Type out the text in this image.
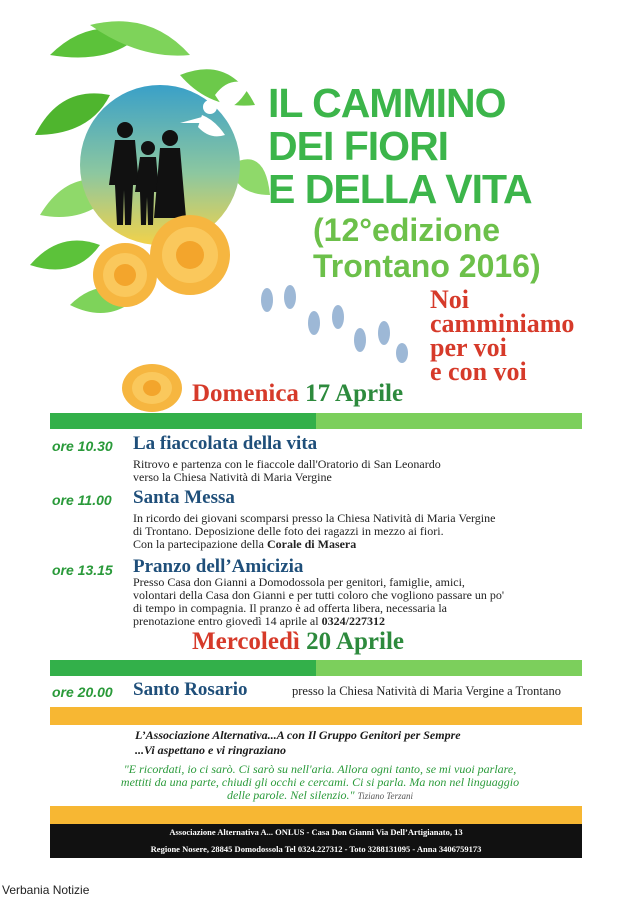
IL CAMMINO
DEI FIORI
E DELLA VITA
(12°edizione
Trontano 2016)
Noi
camminiamo
per voi
e con voi
Domenica 17 Aprile
ore 10.30 La fiaccolata della vita
Ritrovo e partenza con le fiaccole dall'Oratorio di San Leonardo
verso la Chiesa Natività di Maria Vergine
ore 11.00 Santa Messa
In ricordo dei giovani scomparsi presso la Chiesa Natività di Maria Vergine
di Trontano. Deposizione delle foto dei ragazzi in mezzo ai fiori.
Con la partecipazione della Corale di Masera
ore 13.15 Pranzo dell’Amicizia
Presso Casa don Gianni a Domodossola per genitori, famiglie, amici,
volontari della Casa don Gianni e per tutti coloro che vogliono passare un po'
di tempo in compagnia. Il pranzo è ad offerta libera, necessaria la
prenotazione entro giovedì 14 aprile al 0324/227312
Mercoledì 20 Aprile
ore 20.00 Santo Rosario	presso la Chiesa Natività di Maria Vergine a Trontano
L’Associazione Alternativa...A con Il Gruppo Genitori per Sempre
...Vi aspettano e vi ringraziano
"E ricordati, io ci sarò. Ci sarò su nell'aria. Allora ogni tanto, se mi vuoi parlare,
mettiti da una parte, chiudi gli occhi e cercami. Ci si parla. Ma non nel linguaggio
delle parole. Nel silenzio." Tiziano Terzani
Associazione Alternativa A... ONLUS - Casa Don Gianni Via Dell’Artigianato, 13
Regione Nosere, 28845 Domodossola Tel 0324.227312 - Toto 3288131095 - Anna 3406759173
Verbania Notizie
